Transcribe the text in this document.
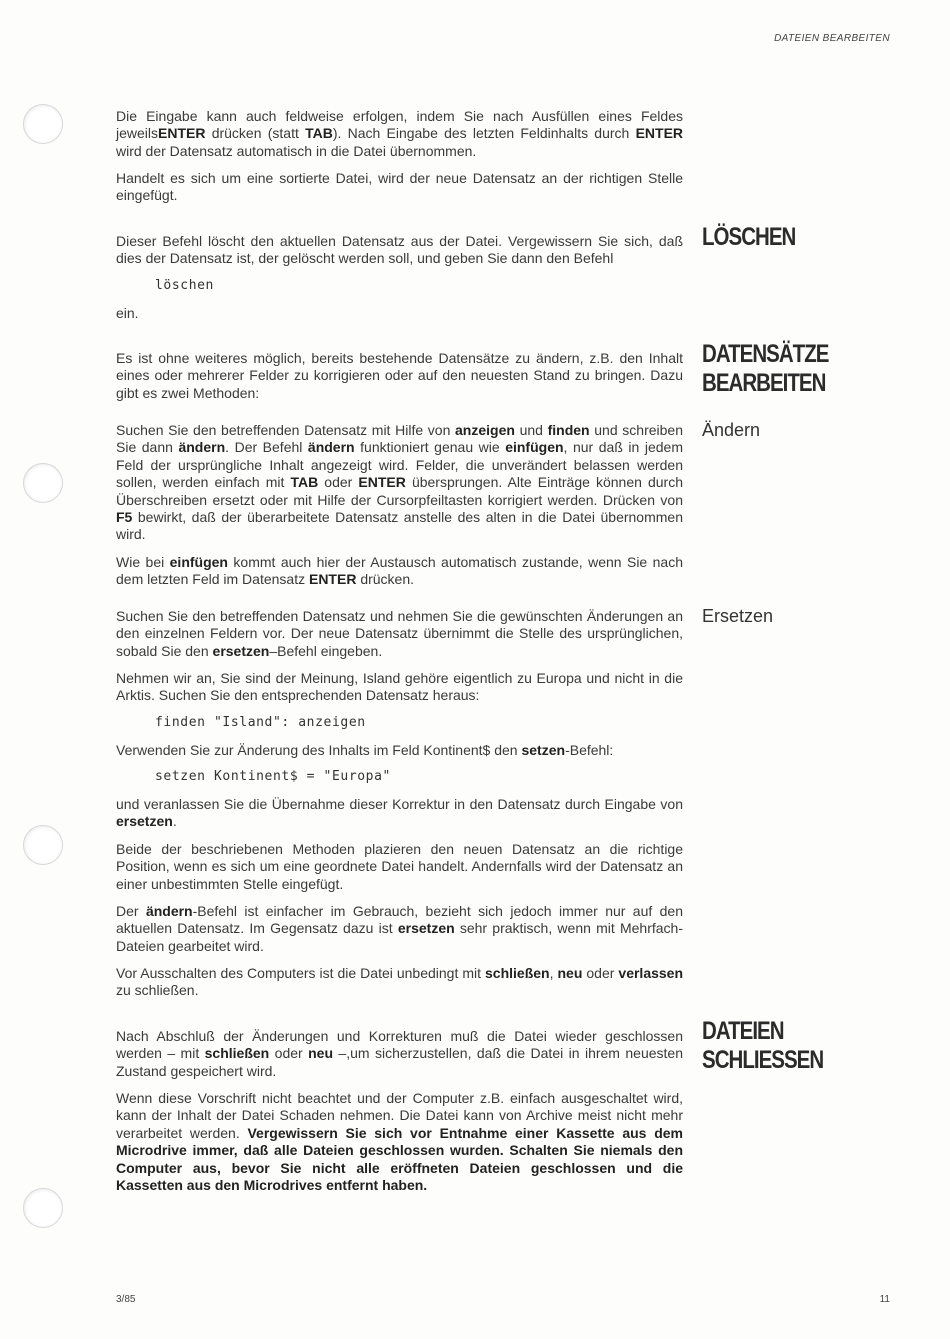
DATEIEN BEARBEITEN

Die Eingabe kann auch feldweise erfolgen, indem Sie nach Ausfüllen eines Feldes jeweilsENTER drücken (statt TAB). Nach Eingabe des letzten Feldinhalts durch ENTER wird der Datensatz automatisch in die Datei übernommen.

Handelt es sich um eine sortierte Datei, wird der neue Datensatz an der richtigen Stelle eingefügt.

LÖSCHEN

Dieser Befehl löscht den aktuellen Datensatz aus der Datei. Vergewissern Sie sich, daß dies der Datensatz ist, der gelöscht werden soll, und geben Sie dann den Befehl

löschen

ein.

DATENSÄTZE
BEARBEITEN

Es ist ohne weiteres möglich, bereits bestehende Datensätze zu ändern, z.B. den Inhalt eines oder mehrerer Felder zu korrigieren oder auf den neuesten Stand zu bringen. Dazu gibt es zwei Methoden:

Ändern

Suchen Sie den betreffenden Datensatz mit Hilfe von anzeigen und finden und schreiben Sie dann ändern. Der Befehl ändern funktioniert genau wie einfügen, nur daß in jedem Feld der ursprüngliche Inhalt angezeigt wird. Felder, die unverändert belassen werden sollen, werden einfach mit TAB oder ENTER übersprungen. Alte Einträge können durch Überschreiben ersetzt oder mit Hilfe der Cursorpfeiltasten korrigiert werden. Drücken von F5 bewirkt, daß der überarbeitete Datensatz anstelle des alten in die Datei übernommen wird.

Wie bei einfügen kommt auch hier der Austausch automatisch zustande, wenn Sie nach dem letzten Feld im Datensatz ENTER drücken.

Ersetzen

Suchen Sie den betreffenden Datensatz und nehmen Sie die gewünschten Änderungen an den einzelnen Feldern vor. Der neue Datensatz übernimmt die Stelle des ursprünglichen, sobald Sie den ersetzen–Befehl eingeben.

Nehmen wir an, Sie sind der Meinung, Island gehöre eigentlich zu Europa und nicht in die Arktis. Suchen Sie den entsprechenden Datensatz heraus:

finden "Island": anzeigen

Verwenden Sie zur Änderung des Inhalts im Feld Kontinent$ den setzen-Befehl:

setzen Kontinent$ = "Europa"

und veranlassen Sie die Übernahme dieser Korrektur in den Datensatz durch Eingabe von ersetzen.

Beide der beschriebenen Methoden plazieren den neuen Datensatz an die richtige Position, wenn es sich um eine geordnete Datei handelt. Andernfalls wird der Datensatz an einer unbestimmten Stelle eingefügt.

Der ändern-Befehl ist einfacher im Gebrauch, bezieht sich jedoch immer nur auf den aktuellen Datensatz. Im Gegensatz dazu ist ersetzen sehr praktisch, wenn mit Mehrfach-Dateien gearbeitet wird.

Vor Ausschalten des Computers ist die Datei unbedingt mit schließen, neu oder verlassen zu schließen.

DATEIEN
SCHLIESSEN

Nach Abschluß der Änderungen und Korrekturen muß die Datei wieder geschlossen werden – mit schließen oder neu –,um sicherzustellen, daß die Datei in ihrem neuesten Zustand gespeichert wird.

Wenn diese Vorschrift nicht beachtet und der Computer z.B. einfach ausgeschaltet wird, kann der Inhalt der Datei Schaden nehmen. Die Datei kann von Archive meist nicht mehr verarbeitet werden. Vergewissern Sie sich vor Entnahme einer Kassette aus dem Microdrive immer, daß alle Dateien geschlossen wurden. Schalten Sie niemals den Computer aus, bevor Sie nicht alle eröffneten Dateien geschlossen und die Kassetten aus den Microdrives entfernt haben.

3/85	11
